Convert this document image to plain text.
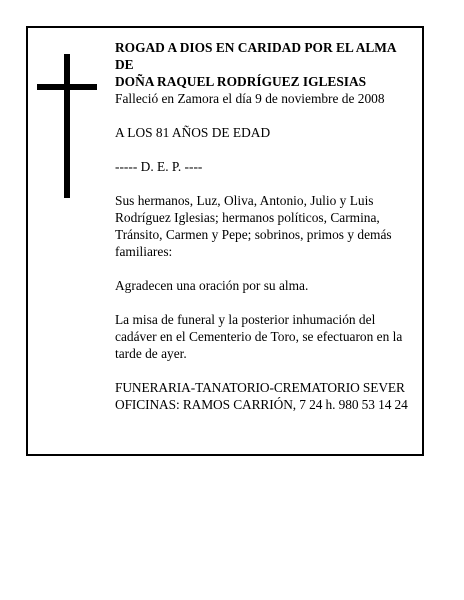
ROGAD A DIOS EN CARIDAD POR EL ALMA

DE

DOÑA RAQUEL RODRÍGUEZ IGLESIAS

Falleció en Zamora el día 9 de noviembre de 2008

A LOS 81 AÑOS DE EDAD

----- D. E. P. ----

Sus hermanos, Luz, Oliva, Antonio, Julio y Luis Rodríguez Iglesias; hermanos políticos, Carmina, Tránsito, Carmen y Pepe; sobrinos, primos y demás familiares:

Agradecen una oración por su alma.

La misa de funeral y la posterior inhumación del cadáver en el Cementerio de Toro, se efectuaron en la tarde de ayer.

FUNERARIA-TANATORIO-CREMATORIO SEVER

OFICINAS: RAMOS CARRIÓN, 7 24 h. 980 53 14 24
